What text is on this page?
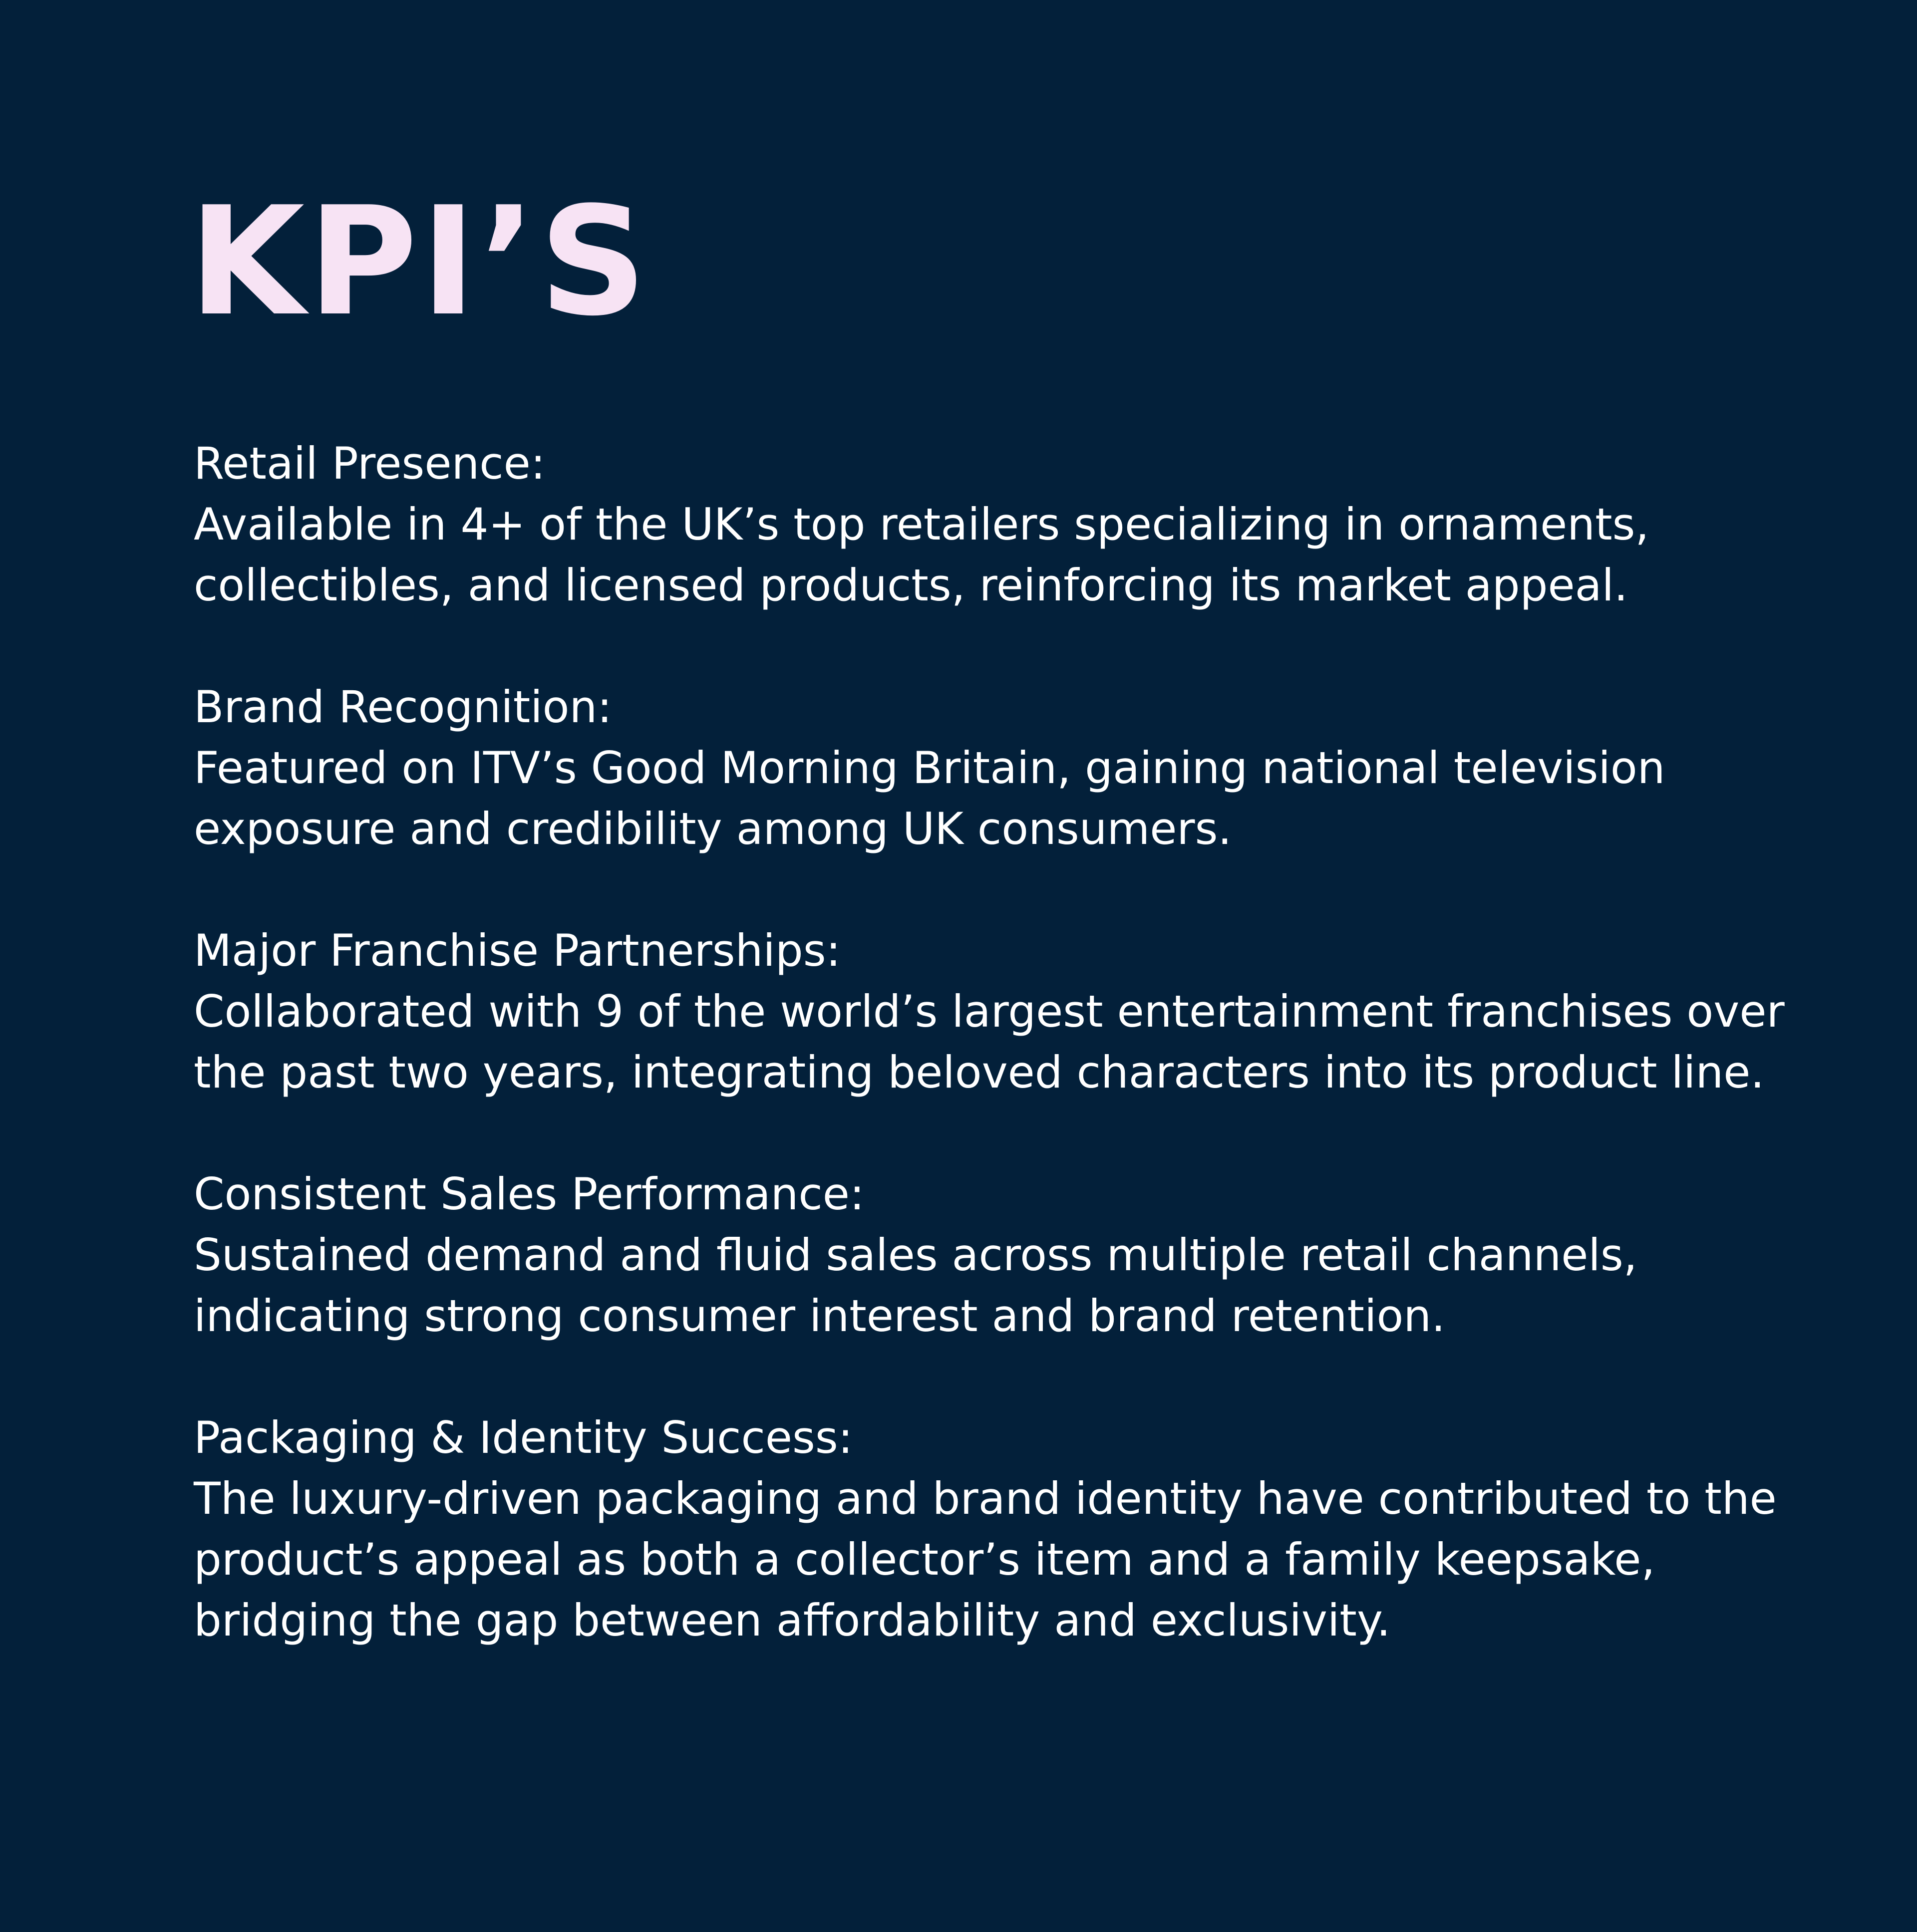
KPI’S

Retail Presence:

Available in 4+ of the UK’s top retailers specializing in ornaments, collectibles, and licensed products, reinforcing its market appeal.

Brand Recognition:

Featured on ITV’s Good Morning Britain, gaining national television exposure and credibility among UK consumers.

Major Franchise Partnerships:

Collaborated with 9 of the world’s largest entertainment franchises over the past two years, integrating beloved characters into its product line.

Consistent Sales Performance:

Sustained demand and fluid sales across multiple retail channels, indicating strong consumer interest and brand retention.

Packaging & Identity Success:

The luxury-driven packaging and brand identity have contributed to the product’s appeal as both a collector’s item and a family keepsake, bridging the gap between affordability and exclusivity.
